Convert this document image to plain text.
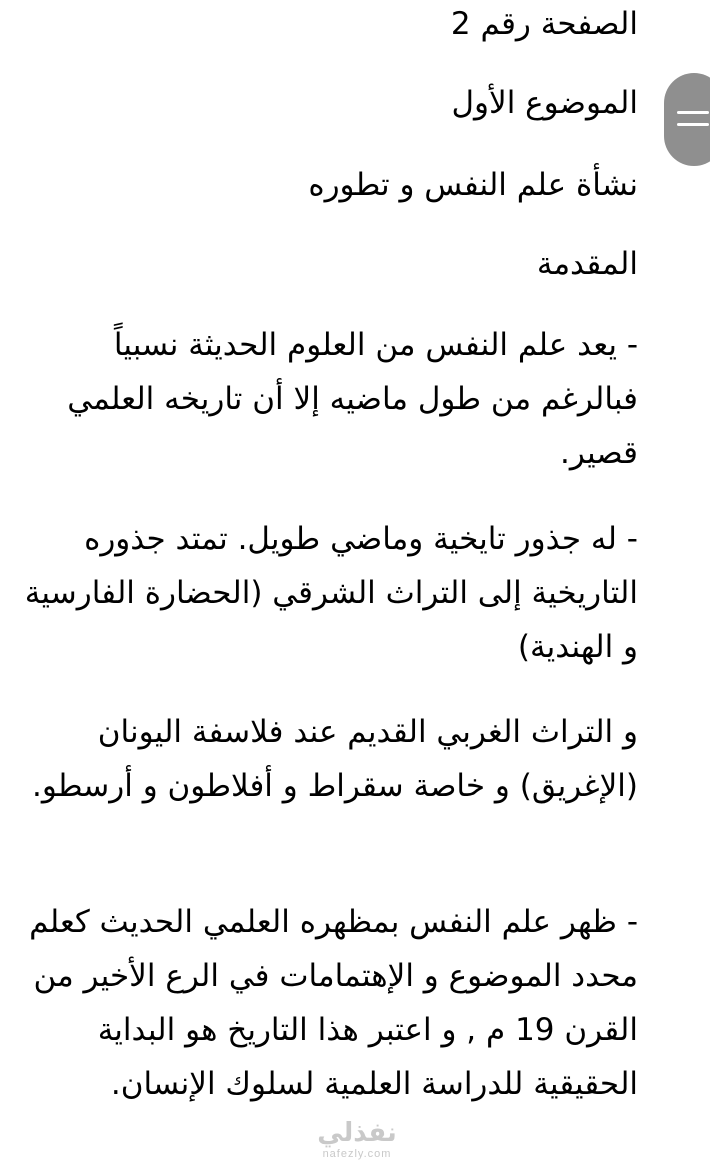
الصفحة رقم 2

الموضوع الأول

نشأة علم النفس و تطوره

المقدمة

- يعد علم النفس من العلوم الحديثة نسبياً فبالرغم من طول ماضيه إلا أن تاريخه العلمي قصير.

- له جذور تايخية وماضي طويل. تمتد جذوره التاريخية إلى التراث الشرقي (الحضارة الفارسية و الهندية)

و التراث الغربي القديم عند فلاسفة اليونان (الإغريق) و خاصة سقراط و أفلاطون و أرسطو.

- ظهر علم النفس بمظهره العلمي الحديث كعلم محدد الموضوع و الإهتمامات في الرع الأخير من القرن 19 م , و اعتبر هذا التاريخ هو البداية الحقيقية للدراسة العلمية لسلوك الإنسان.

نفذلي
nafezly.com
